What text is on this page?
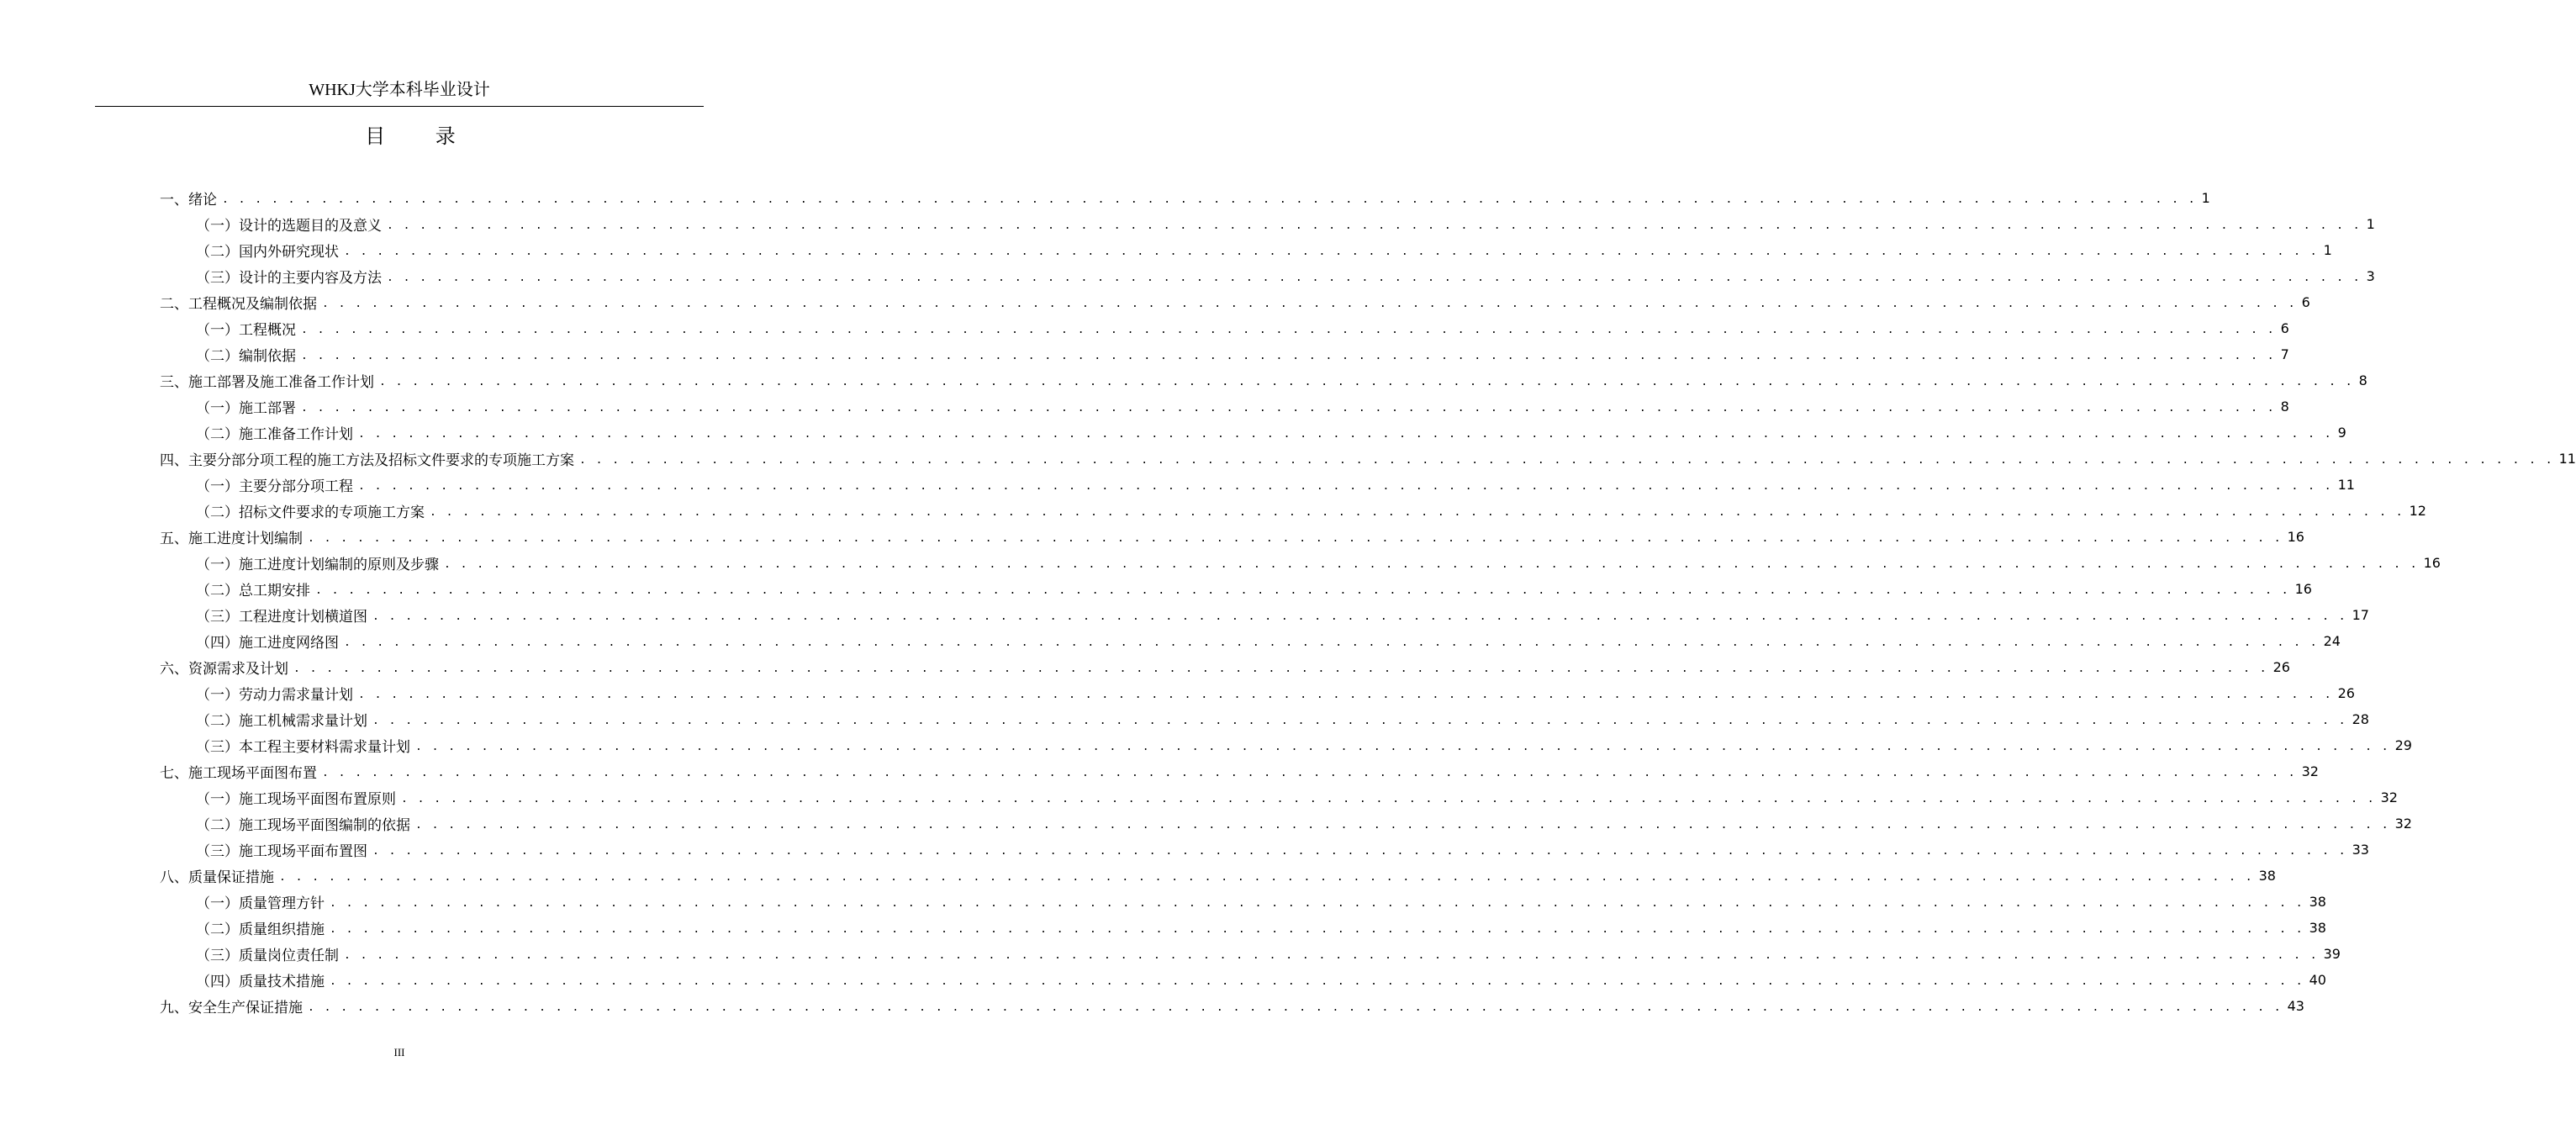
WHKJ大学本科毕业设计
目 录
一、绪论 . . . . . . . . . . . . . . . . . . . . . . . . . . . . . . . . . . . . . . . . . . . . . . . . . . . . . . . . . . . . . . . . . . . . . . . . . . . . . . . . . . . . . . . . . . . . . . . . . . . . . . . . . . . . . . . . . . . . . . . . 1
（一）设计的选题目的及意义 . . . . . . . . . . . . . . . . . . . . . . . . . . . . . . . . . . . . . . . . . . . . . . . . . . . . . . . . . . . . . . . . . . . . . . . . . . . . . . . . . . . . . . . . . . . . . . . . . . . . . . . . . . . . . . . . . . . . . . . . 1
（二）国内外研究现状 . . . . . . . . . . . . . . . . . . . . . . . . . . . . . . . . . . . . . . . . . . . . . . . . . . . . . . . . . . . . . . . . . . . . . . . . . . . . . . . . . . . . . . . . . . . . . . . . . . . . . . . . . . . . . . . . . . . . . . . . 1
（三）设计的主要内容及方法 . . . . . . . . . . . . . . . . . . . . . . . . . . . . . . . . . . . . . . . . . . . . . . . . . . . . . . . . . . . . . . . . . . . . . . . . . . . . . . . . . . . . . . . . . . . . . . . . . . . . . . . . . . . . . . . . . . . . . . . . 3
二、工程概况及编制依据 . . . . . . . . . . . . . . . . . . . . . . . . . . . . . . . . . . . . . . . . . . . . . . . . . . . . . . . . . . . . . . . . . . . . . . . . . . . . . . . . . . . . . . . . . . . . . . . . . . . . . . . . . . . . . . . . . . . . . . . . 6
（一）工程概况 . . . . . . . . . . . . . . . . . . . . . . . . . . . . . . . . . . . . . . . . . . . . . . . . . . . . . . . . . . . . . . . . . . . . . . . . . . . . . . . . . . . . . . . . . . . . . . . . . . . . . . . . . . . . . . . . . . . . . . . . 6
（二）编制依据 . . . . . . . . . . . . . . . . . . . . . . . . . . . . . . . . . . . . . . . . . . . . . . . . . . . . . . . . . . . . . . . . . . . . . . . . . . . . . . . . . . . . . . . . . . . . . . . . . . . . . . . . . . . . . . . . . . . . . . . . 7
三、施工部署及施工准备工作计划 . . . . . . . . . . . . . . . . . . . . . . . . . . . . . . . . . . . . . . . . . . . . . . . . . . . . . . . . . . . . . . . . . . . . . . . . . . . . . . . . . . . . . . . . . . . . . . . . . . . . . . . . . . . . . . . . . . . . . . . . 8
（一）施工部署 . . . . . . . . . . . . . . . . . . . . . . . . . . . . . . . . . . . . . . . . . . . . . . . . . . . . . . . . . . . . . . . . . . . . . . . . . . . . . . . . . . . . . . . . . . . . . . . . . . . . . . . . . . . . . . . . . . . . . . . . 8
（二）施工准备工作计划 . . . . . . . . . . . . . . . . . . . . . . . . . . . . . . . . . . . . . . . . . . . . . . . . . . . . . . . . . . . . . . . . . . . . . . . . . . . . . . . . . . . . . . . . . . . . . . . . . . . . . . . . . . . . . . . . . . . . . . . . 9
四、主要分部分项工程的施工方法及招标文件要求的专项施工方案 . . . . . . . . . . . . . . . . . . . . . . . . . . . . . . . . . . . . . . . . . . . . . . . . . . . . . . . . . . . . . . . . . . . . . . . . . . . . . . . . . . . . . . . . . . . . . . . . . . . . . . . . . . . . . . . . . . . . . . . . 11
（一）主要分部分项工程 . . . . . . . . . . . . . . . . . . . . . . . . . . . . . . . . . . . . . . . . . . . . . . . . . . . . . . . . . . . . . . . . . . . . . . . . . . . . . . . . . . . . . . . . . . . . . . . . . . . . . . . . . . . . . . . . . . . . . . . . 11
（二）招标文件要求的专项施工方案 . . . . . . . . . . . . . . . . . . . . . . . . . . . . . . . . . . . . . . . . . . . . . . . . . . . . . . . . . . . . . . . . . . . . . . . . . . . . . . . . . . . . . . . . . . . . . . . . . . . . . . . . . . . . . . . . . . . . . . . . 12
五、施工进度计划编制 . . . . . . . . . . . . . . . . . . . . . . . . . . . . . . . . . . . . . . . . . . . . . . . . . . . . . . . . . . . . . . . . . . . . . . . . . . . . . . . . . . . . . . . . . . . . . . . . . . . . . . . . . . . . . . . . . . . . . . . . 16
（一）施工进度计划编制的原则及步骤 . . . . . . . . . . . . . . . . . . . . . . . . . . . . . . . . . . . . . . . . . . . . . . . . . . . . . . . . . . . . . . . . . . . . . . . . . . . . . . . . . . . . . . . . . . . . . . . . . . . . . . . . . . . . . . . . . . . . . . . . 16
（二）总工期安排 . . . . . . . . . . . . . . . . . . . . . . . . . . . . . . . . . . . . . . . . . . . . . . . . . . . . . . . . . . . . . . . . . . . . . . . . . . . . . . . . . . . . . . . . . . . . . . . . . . . . . . . . . . . . . . . . . . . . . . . . 16
（三）工程进度计划横道图 . . . . . . . . . . . . . . . . . . . . . . . . . . . . . . . . . . . . . . . . . . . . . . . . . . . . . . . . . . . . . . . . . . . . . . . . . . . . . . . . . . . . . . . . . . . . . . . . . . . . . . . . . . . . . . . . . . . . . . . . 17
（四）施工进度网络图 . . . . . . . . . . . . . . . . . . . . . . . . . . . . . . . . . . . . . . . . . . . . . . . . . . . . . . . . . . . . . . . . . . . . . . . . . . . . . . . . . . . . . . . . . . . . . . . . . . . . . . . . . . . . . . . . . . . . . . . . 24
六、资源需求及计划 . . . . . . . . . . . . . . . . . . . . . . . . . . . . . . . . . . . . . . . . . . . . . . . . . . . . . . . . . . . . . . . . . . . . . . . . . . . . . . . . . . . . . . . . . . . . . . . . . . . . . . . . . . . . . . . . . . . . . . . . 26
（一）劳动力需求量计划 . . . . . . . . . . . . . . . . . . . . . . . . . . . . . . . . . . . . . . . . . . . . . . . . . . . . . . . . . . . . . . . . . . . . . . . . . . . . . . . . . . . . . . . . . . . . . . . . . . . . . . . . . . . . . . . . . . . . . . . . 26
（二）施工机械需求量计划 . . . . . . . . . . . . . . . . . . . . . . . . . . . . . . . . . . . . . . . . . . . . . . . . . . . . . . . . . . . . . . . . . . . . . . . . . . . . . . . . . . . . . . . . . . . . . . . . . . . . . . . . . . . . . . . . . . . . . . . . 28
（三）本工程主要材料需求量计划 . . . . . . . . . . . . . . . . . . . . . . . . . . . . . . . . . . . . . . . . . . . . . . . . . . . . . . . . . . . . . . . . . . . . . . . . . . . . . . . . . . . . . . . . . . . . . . . . . . . . . . . . . . . . . . . . . . . . . . . . 29
七、施工现场平面图布置 . . . . . . . . . . . . . . . . . . . . . . . . . . . . . . . . . . . . . . . . . . . . . . . . . . . . . . . . . . . . . . . . . . . . . . . . . . . . . . . . . . . . . . . . . . . . . . . . . . . . . . . . . . . . . . . . . . . . . . . . 32
（一）施工现场平面图布置原则 . . . . . . . . . . . . . . . . . . . . . . . . . . . . . . . . . . . . . . . . . . . . . . . . . . . . . . . . . . . . . . . . . . . . . . . . . . . . . . . . . . . . . . . . . . . . . . . . . . . . . . . . . . . . . . . . . . . . . . . . 32
（二）施工现场平面图编制的依据 . . . . . . . . . . . . . . . . . . . . . . . . . . . . . . . . . . . . . . . . . . . . . . . . . . . . . . . . . . . . . . . . . . . . . . . . . . . . . . . . . . . . . . . . . . . . . . . . . . . . . . . . . . . . . . . . . . . . . . . . 32
（三）施工现场平面布置图 . . . . . . . . . . . . . . . . . . . . . . . . . . . . . . . . . . . . . . . . . . . . . . . . . . . . . . . . . . . . . . . . . . . . . . . . . . . . . . . . . . . . . . . . . . . . . . . . . . . . . . . . . . . . . . . . . . . . . . . . 33
八、质量保证措施 . . . . . . . . . . . . . . . . . . . . . . . . . . . . . . . . . . . . . . . . . . . . . . . . . . . . . . . . . . . . . . . . . . . . . . . . . . . . . . . . . . . . . . . . . . . . . . . . . . . . . . . . . . . . . . . . . . . . . . . . 38
（一）质量管理方针 . . . . . . . . . . . . . . . . . . . . . . . . . . . . . . . . . . . . . . . . . . . . . . . . . . . . . . . . . . . . . . . . . . . . . . . . . . . . . . . . . . . . . . . . . . . . . . . . . . . . . . . . . . . . . . . . . . . . . . . . 38
（二）质量组织措施 . . . . . . . . . . . . . . . . . . . . . . . . . . . . . . . . . . . . . . . . . . . . . . . . . . . . . . . . . . . . . . . . . . . . . . . . . . . . . . . . . . . . . . . . . . . . . . . . . . . . . . . . . . . . . . . . . . . . . . . . 38
（三）质量岗位责任制 . . . . . . . . . . . . . . . . . . . . . . . . . . . . . . . . . . . . . . . . . . . . . . . . . . . . . . . . . . . . . . . . . . . . . . . . . . . . . . . . . . . . . . . . . . . . . . . . . . . . . . . . . . . . . . . . . . . . . . . . 39
（四）质量技术措施 . . . . . . . . . . . . . . . . . . . . . . . . . . . . . . . . . . . . . . . . . . . . . . . . . . . . . . . . . . . . . . . . . . . . . . . . . . . . . . . . . . . . . . . . . . . . . . . . . . . . . . . . . . . . . . . . . . . . . . . . 40
九、安全生产保证措施 . . . . . . . . . . . . . . . . . . . . . . . . . . . . . . . . . . . . . . . . . . . . . . . . . . . . . . . . . . . . . . . . . . . . . . . . . . . . . . . . . . . . . . . . . . . . . . . . . . . . . . . . . . . . . . . . . . . . . . . . 43
III
